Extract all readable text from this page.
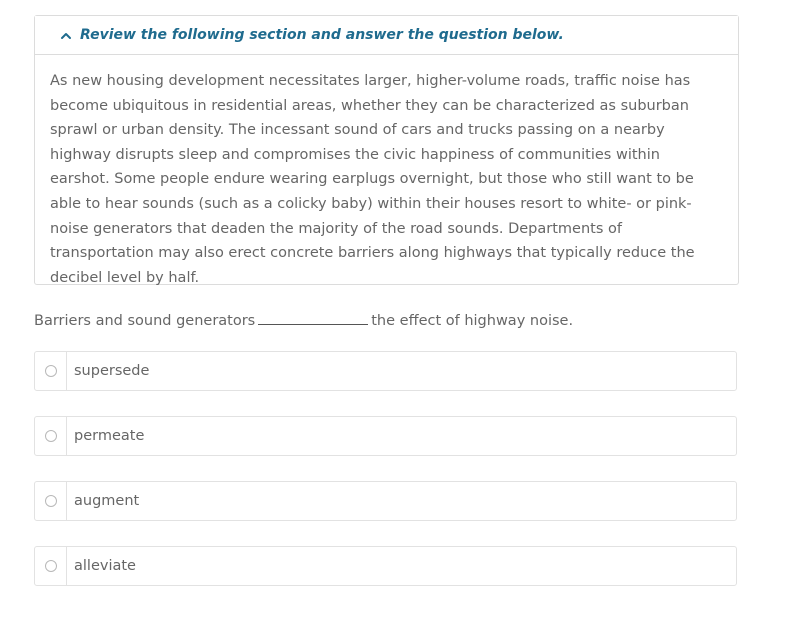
Review the following section and answer the question below.
As new housing development necessitates larger, higher-volume roads, traffic noise has become ubiquitous in residential areas, whether they can be characterized as suburban sprawl or urban density. The incessant sound of cars and trucks passing on a nearby highway disrupts sleep and compromises the civic happiness of communities within earshot. Some people endure wearing earplugs overnight, but those who still want to be able to hear sounds (such as a colicky baby) within their houses resort to white- or pink-noise generators that deaden the majority of the road sounds. Departments of transportation may also erect concrete barriers along highways that typically reduce the decibel level by half.
Barriers and sound generators	the effect of highway noise.
supersede
permeate
augment
alleviate
